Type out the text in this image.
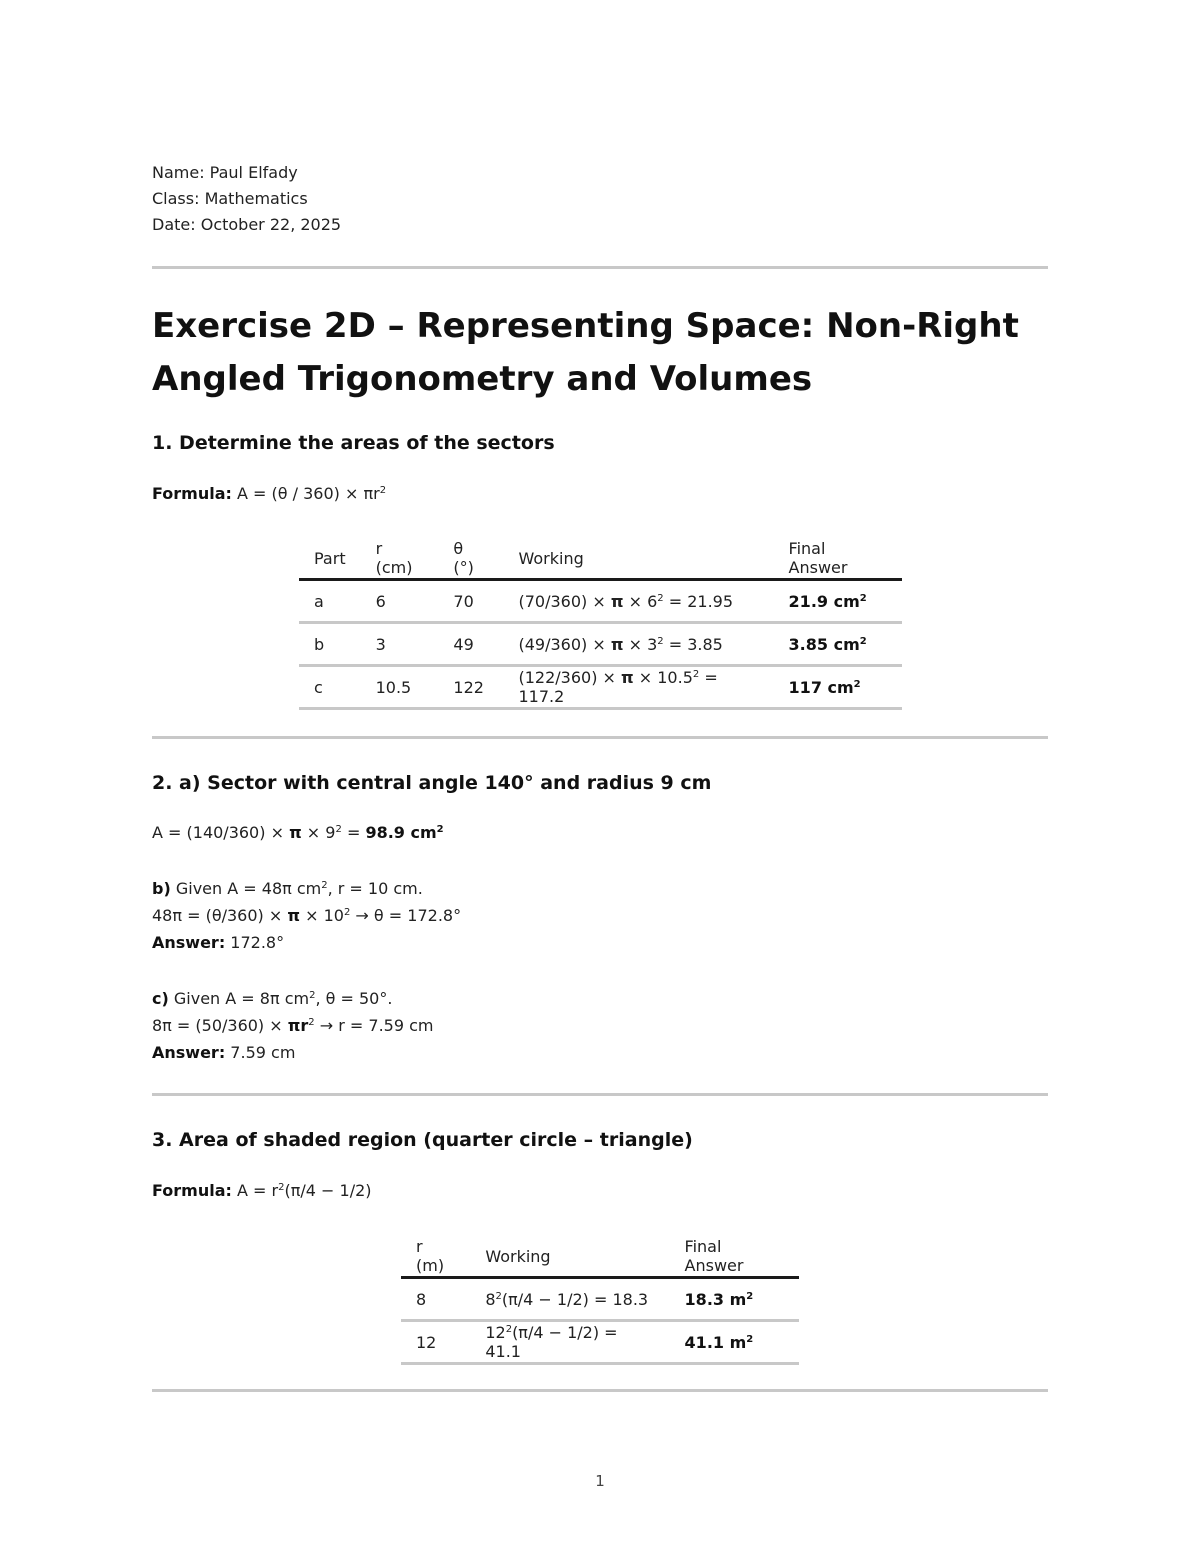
Name: Paul Elfady
Class: Mathematics
Date: October 22, 2025
Exercise 2D – Representing Space: Non-Right Angled Trigonometry and Volumes
1. Determine the areas of the sectors
Formula: $A = (\theta / 360) \times \pi r^2$
Part	r (cm)	θ (°)	Working	Final Answer
a	6	70	$(70/360) \times \pi \times 6^2 = 21.95$	21.9 $cm^2$
b	3	49	$(49/360) \times \pi \times 3^2 = 3.85$	3.85 $cm^2$
c	10.5	122	$(122/360) \times \pi \times 10.5^2 = 117.2$	117 $cm^2$
2. a) Sector with central angle 140° and radius 9 cm
$A = (140/360) \times \pi \times 9^2 = 98.9$ $cm^2$
b) Given A = 48π $cm^2$, r = 10 cm.
$48\pi = (\theta/360) \times \pi \times 10^2 \to \theta = 172.8^\circ$
Answer: 172.8°
c) Given A = 8π $cm^2$, θ = 50°.
$8\pi = (50/360) \times \pi r^2 \to r = 7.59$ cm
Answer: 7.59 cm
3. Area of shaded region (quarter circle – triangle)
Formula: $A = r^2(\pi/4 - 1/2)$
r (m)	Working	Final Answer
8	$8^2(\pi/4 - 1/2) = 18.3$	18.3 $m^2$
12	$12^2(\pi/4 - 1/2) = 41.1$	41.1 $m^2$
1
